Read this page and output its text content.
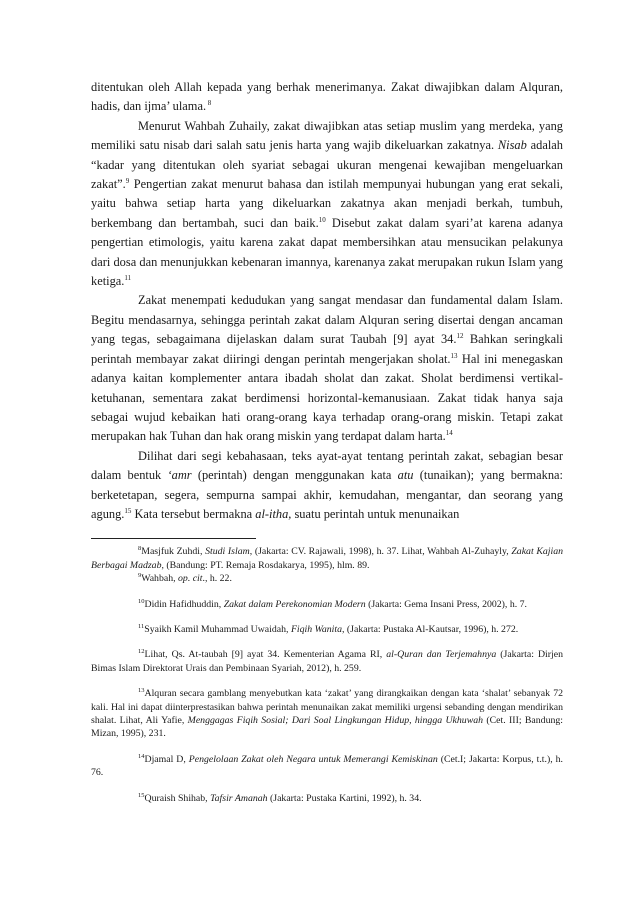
ditentukan oleh Allah kepada yang berhak menerimanya. Zakat diwajibkan dalam Alquran, hadis, dan ijma’ ulama. $^8$

Menurut Wahbah Zuhaily, zakat diwajibkan atas setiap muslim yang merdeka, yang memiliki satu nisab dari salah satu jenis harta yang wajib dikeluarkan zakatnya. Nisab adalah “kadar yang ditentukan oleh syariat sebagai ukuran mengenai kewajiban mengeluarkan zakat”.$^9$ Pengertian zakat menurut bahasa dan istilah mempunyai hubungan yang erat sekali, yaitu bahwa setiap harta yang dikeluarkan zakatnya akan menjadi berkah, tumbuh, berkembang dan bertambah, suci dan baik.$^{10}$ Disebut zakat dalam syari’at karena adanya pengertian etimologis, yaitu karena zakat dapat membersihkan atau mensucikan pelakunya dari dosa dan menunjukkan kebenaran imannya, karenanya zakat merupakan rukun Islam yang ketiga.$^{11}$

Zakat menempati kedudukan yang sangat mendasar dan fundamental dalam Islam. Begitu mendasarnya, sehingga perintah zakat dalam Alquran sering disertai dengan ancaman yang tegas, sebagaimana dijelaskan dalam surat Taubah [9] ayat 34.12 Bahkan seringkali perintah membayar zakat diiringi dengan perintah mengerjakan sholat.$^{13}$ Hal ini menegaskan adanya kaitan komplementer antara ibadah sholat dan zakat. Sholat berdimensi vertikal-ketuhanan, sementara zakat berdimensi horizontal-kemanusiaan. Zakat tidak hanya saja sebagai wujud kebaikan hati orang-orang kaya terhadap orang-orang miskin. Tetapi zakat merupakan hak Tuhan dan hak orang miskin yang terdapat dalam harta.$^{14}$

Dilihat dari segi kebahasaan, teks ayat-ayat tentang perintah zakat, sebagian besar dalam bentuk ‘amr (perintah) dengan menggunakan kata atu (tunaikan); yang bermakna: berketetapan, segera, sempurna sampai akhir, kemudahan, mengantar, dan seorang yang agung.$^{15}$ Kata tersebut bermakna al-itha, suatu perintah untuk menunaikan

$^8$Masjfuk Zuhdi, Studi Islam, (Jakarta: CV. Rajawali, 1998), h. 37. Lihat, Wahbah Al-Zuhayly, Zakat Kajian Berbagai Madzab, (Bandung: PT. Remaja Rosdakarya, 1995), hlm. 89.

$^9$Wahbah, op. cit., h. 22.

$^{10}$Didin Hafidhuddin, Zakat dalam Perekonomian Modern (Jakarta: Gema Insani Press, 2002), h. 7.

$^{11}$Syaikh Kamil Muhammad Uwaidah, Fiqih Wanita, (Jakarta: Pustaka Al-Kautsar, 1996), h. 272.

$^{12}$Lihat, Qs. At-taubah [9] ayat 34. Kementerian Agama RI, al-Quran dan Terjemahnya (Jakarta: Dirjen Bimas Islam Direktorat Urais dan Pembinaan Syariah, 2012), h. 259.

$^{13}$Alquran secara gamblang menyebutkan kata ‘zakat’ yang dirangkaikan dengan kata ‘shalat’ sebanyak 72 kali. Hal ini dapat diinterprestasikan bahwa perintah menunaikan zakat memiliki urgensi sebanding dengan mendirikan shalat. Lihat, Ali Yafie, Menggagas Fiqih Sosial; Dari Soal Lingkungan Hidup, hingga Ukhuwah (Cet. III; Bandung: Mizan, 1995), 231.

$^{14}$Djamal D, Pengelolaan Zakat oleh Negara untuk Memerangi Kemiskinan (Cet.I; Jakarta: Korpus, t.t.), h. 76.

$^{15}$Quraish Shihab, Tafsir Amanah (Jakarta: Pustaka Kartini, 1992), h. 34.
